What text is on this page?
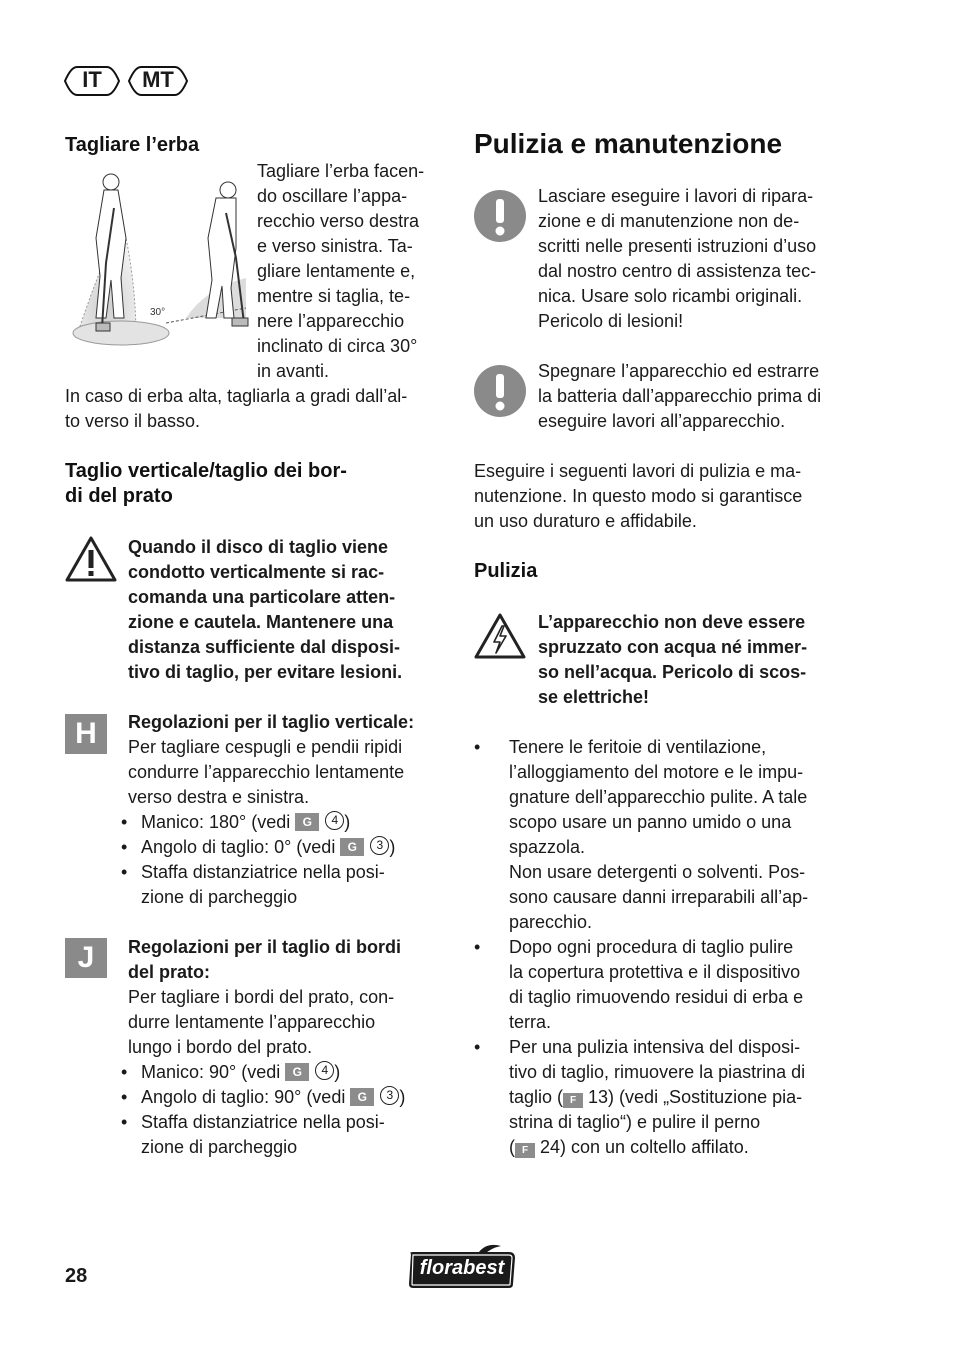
IT	MT
Tagliare l’erba
30°
Tagliare l’erba facen-
do oscillare l’appa-
recchio verso destra
e verso sinistra. Ta-
gliare lentamente e,
mentre si taglia, te-
nere l’apparecchio
inclinato di circa 30°
in avanti.
In caso di erba alta, tagliarla a gradi dall’al-
to verso il basso.
Taglio verticale/taglio dei bor-
di del prato
Quando il disco di taglio viene
condotto verticalmente si rac-
comanda una particolare atten-
zione e cautela. Mantenere una
distanza sufficiente dal disposi-
tivo di taglio, per evitare lesioni.
H	Regolazioni per il taglio verticale:
Per tagliare cespugli e pendii ripidi
condurre l’apparecchio lentamente
verso destra e sinistra.
• Manico: 180° (vedi G 4 )
• Angolo di taglio: 0° (vedi G 3 )
• Staffa distanziatrice nella posi-
zione di parcheggio
J	Regolazioni per il taglio di bordi
del prato:
Per tagliare i bordi del prato, con-
durre lentamente l’apparecchio
lungo i bordo del prato.
• Manico: 90° (vedi G 4 )
• Angolo di taglio: 90° (vedi G 3 )
• Staffa distanziatrice nella posi-
zione di parcheggio
Pulizia e manutenzione
Lasciare eseguire i lavori di ripara-
zione e di manutenzione non de-
scritti nelle presenti istruzioni d’uso
dal nostro centro di assistenza tec-
nica. Usare solo ricambi originali.
Pericolo di lesioni!
Spegnare l’apparecchio ed estrarre
la batteria dall’apparecchio prima di
eseguire lavori all’apparecchio.
Eseguire i seguenti lavori di pulizia e ma-
nutenzione. In questo modo si garantisce
un uso duraturo e affidabile.
Pulizia
L’apparecchio non deve essere
spruzzato con acqua né immer-
so nell’acqua. Pericolo di scos-
se elettriche!
• Tenere le feritoie di ventilazione,
l’alloggiamento del motore e le impu-
gnature dell’apparecchio pulite. A tale
scopo usare un panno umido o una
spazzola.
Non usare detergenti o solventi. Pos-
sono causare danni irreparabili all’ap-
parecchio.
• Dopo ogni procedura di taglio pulire
la copertura protettiva e il dispositivo
di taglio rimuovendo residui di erba e
terra.
• Per una pulizia intensiva del disposi-
tivo di taglio, rimuovere la piastrina di
taglio ( F 13) (vedi „Sostituzione pia-
strina di taglio“) e pulire il perno
( F 24) con un coltello affilato.
28	florabest
